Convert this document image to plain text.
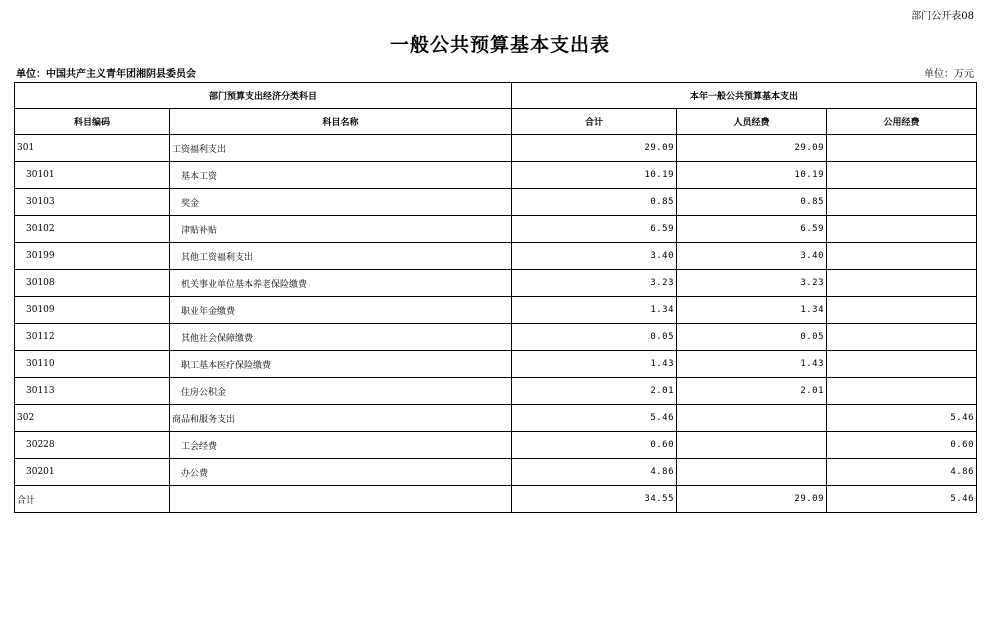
部门公开表08
一般公共预算基本支出表
单位：中国共产主义青年团湘阴县委员会	单位：万元
部门预算支出经济分类科目		本年一般公共预算基本支出		
科目编码	科目名称	合计	人员经费	公用经费
301	工资福利支出	29.09	29.09	
30101	基本工资	10.19	10.19	
30103	奖金	0.85	0.85	
30102	津贴补贴	6.59	6.59	
30199	其他工资福利支出	3.40	3.40	
30108	机关事业单位基本养老保险缴费	3.23	3.23	
30109	职业年金缴费	1.34	1.34	
30112	其他社会保障缴费	0.05	0.05	
30110	职工基本医疗保险缴费	1.43	1.43	
30113	住房公积金	2.01	2.01	
302	商品和服务支出	5.46		5.46
30228	工会经费	0.60		0.60
30201	办公费	4.86		4.86
合计		34.55	29.09	5.46
